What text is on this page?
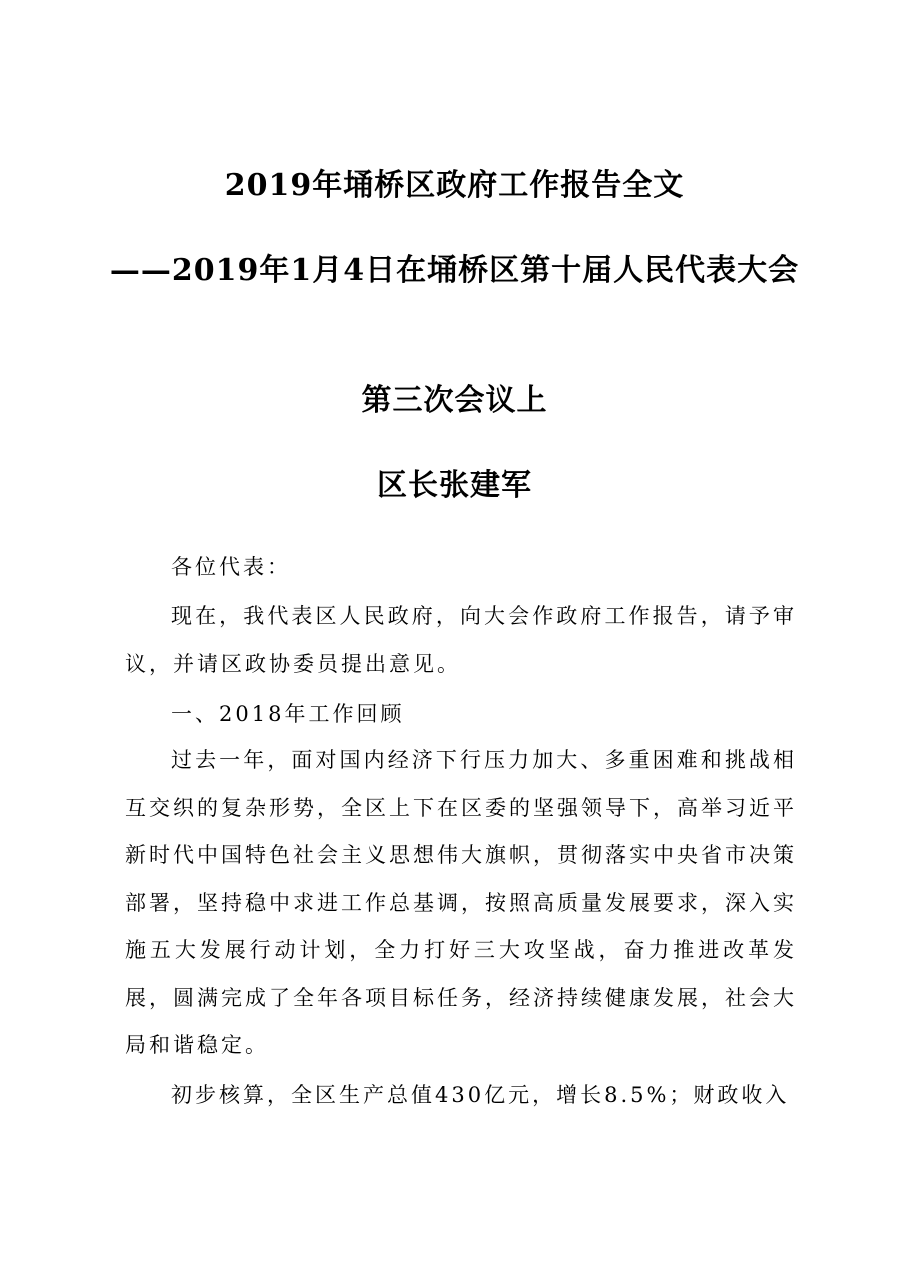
2019年埇桥区政府工作报告全文
——2019年1月4日在埇桥区第十届人民代表大会
第三次会议上
区长张建军

各位代表：

现在，我代表区人民政府，向大会作政府工作报告，请予审议，并请区政协委员提出意见。

一、2018年工作回顾

过去一年，面对国内经济下行压力加大、多重困难和挑战相互交织的复杂形势，全区上下在区委的坚强领导下，高举习近平新时代中国特色社会主义思想伟大旗帜，贯彻落实中央省市决策部署，坚持稳中求进工作总基调，按照高质量发展要求，深入实施五大发展行动计划，全力打好三大攻坚战，奋力推进改革发展，圆满完成了全年各项目标任务，经济持续健康发展，社会大局和谐稳定。

初步核算，全区生产总值430亿元，增长8.5%；财政收入
